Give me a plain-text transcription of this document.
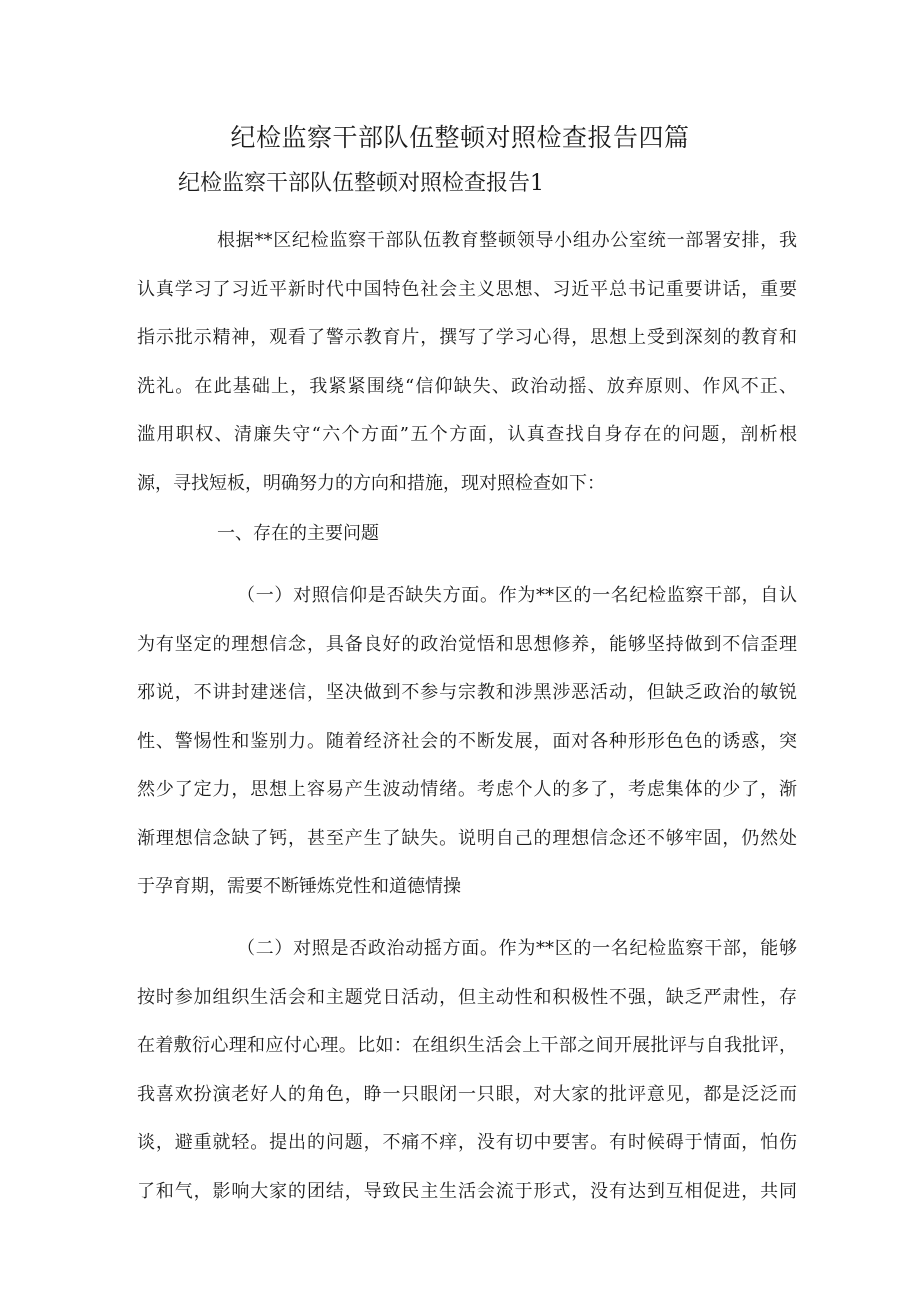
纪检监察干部队伍整顿对照检查报告四篇
纪检监察干部队伍整顿对照检查报告1
根据**区纪检监察干部队伍教育整顿领导小组办公室统一部署安排，我
认真学习了习近平新时代中国特色社会主义思想、习近平总书记重要讲话，重要
指示批示精神，观看了警示教育片，撰写了学习心得，思想上受到深刻的教育和
洗礼。在此基础上，我紧紧围绕“信仰缺失、政治动摇、放弃原则、作风不正、
滥用职权、清廉失守“六个方面”五个方面，认真查找自身存在的问题，剖析根
源，寻找短板，明确努力的方向和措施，现对照检查如下：
一、存在的主要问题
（一）对照信仰是否缺失方面。作为**区的一名纪检监察干部，自认
为有坚定的理想信念，具备良好的政治觉悟和思想修养，能够坚持做到不信歪理
邪说，不讲封建迷信，坚决做到不参与宗教和涉黑涉恶活动，但缺乏政治的敏锐
性、警惕性和鉴别力。随着经济社会的不断发展，面对各种形形色色的诱惑，突
然少了定力，思想上容易产生波动情绪。考虑个人的多了，考虑集体的少了，渐
渐理想信念缺了钙，甚至产生了缺失。说明自己的理想信念还不够牢固，仍然处
于孕育期，需要不断锤炼党性和道德情操
（二）对照是否政治动摇方面。作为**区的一名纪检监察干部，能够
按时参加组织生活会和主题党日活动，但主动性和积极性不强，缺乏严肃性，存
在着敷衍心理和应付心理。比如：在组织生活会上干部之间开展批评与自我批评，
我喜欢扮演老好人的角色，睁一只眼闭一只眼，对大家的批评意见，都是泛泛而
谈，避重就轻。提出的问题，不痛不痒，没有切中要害。有时候碍于情面，怕伤
了和气，影响大家的团结，导致民主生活会流于形式，没有达到互相促进，共同
